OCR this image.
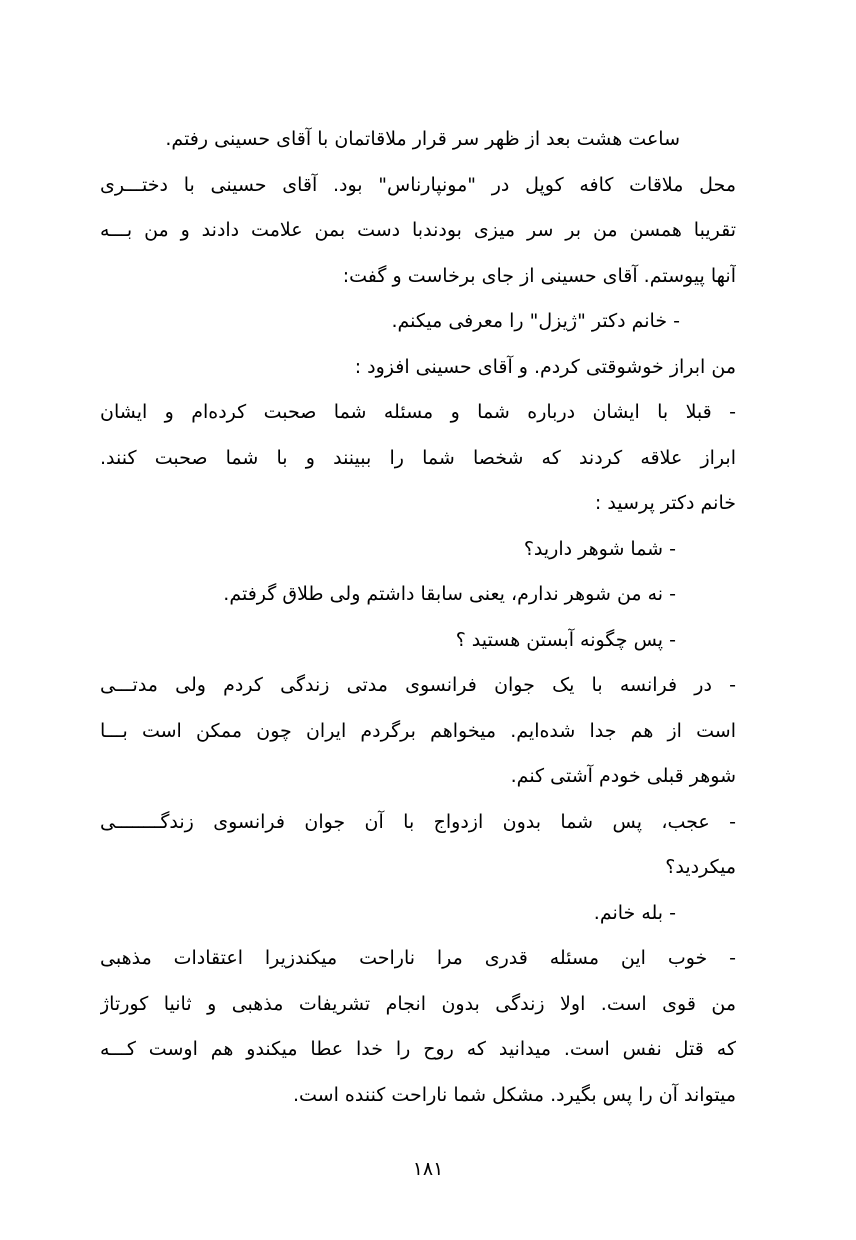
ساعت هشت بعد از ظهر سر قرار ملاقاتمان با آقای حسینی رفتم.
محل ملاقات کافه کوپل در "مونپارناس" بود. آقای حسینی با دختـــری
تقریبا همسن من بر سر میزی بودندبا دست بمن علامت دادند و من بـــه
آنها پیوستم. آقای حسینی از جای برخاست و گفت:
- خانم دکتر "ژیزل" را معرفی میکنم.
من ابراز خوشوقتی کردم. و آقای حسینی افزود :
- قبلا با ایشان درباره شما و مسئله شما صحبت کرده‌ام و ایشان
ابراز علاقه کردند که شخصا شما را ببینند و با شما صحبت کنند.
خانم دکتر پرسید :
- شما شوهر دارید؟
- نه من شوهر ندارم، یعنی سابقا داشتم ولی طلاق گرفتم.
- پس چگونه آبستن هستید ؟
- در فرانسه با یک جوان فرانسوی مدتی زندگی کردم ولی مدتـــی
است از هم جدا شده‌ایم. میخواهم برگردم ایران چون ممکن است بـــا
شوهر قبلی خودم آشتی کنم.
- عجب، پس شما بدون ازدواج با آن جوان فرانسوی زندگــــــــی
میکردید؟
- بله خانم.
- خوب این مسئله قدری مرا ناراحت میکندزیرا اعتقادات مذهبی
من قوی است. اولا زندگی بدون انجام تشریفات مذهبی و ثانیا کورتاژ
که قتل نفس است. میدانید که روح را خدا عطا میکندو هم اوست کـــه
میتواند آن را پس بگیرد. مشکل شما ناراحت کننده است.
۱۸۱
